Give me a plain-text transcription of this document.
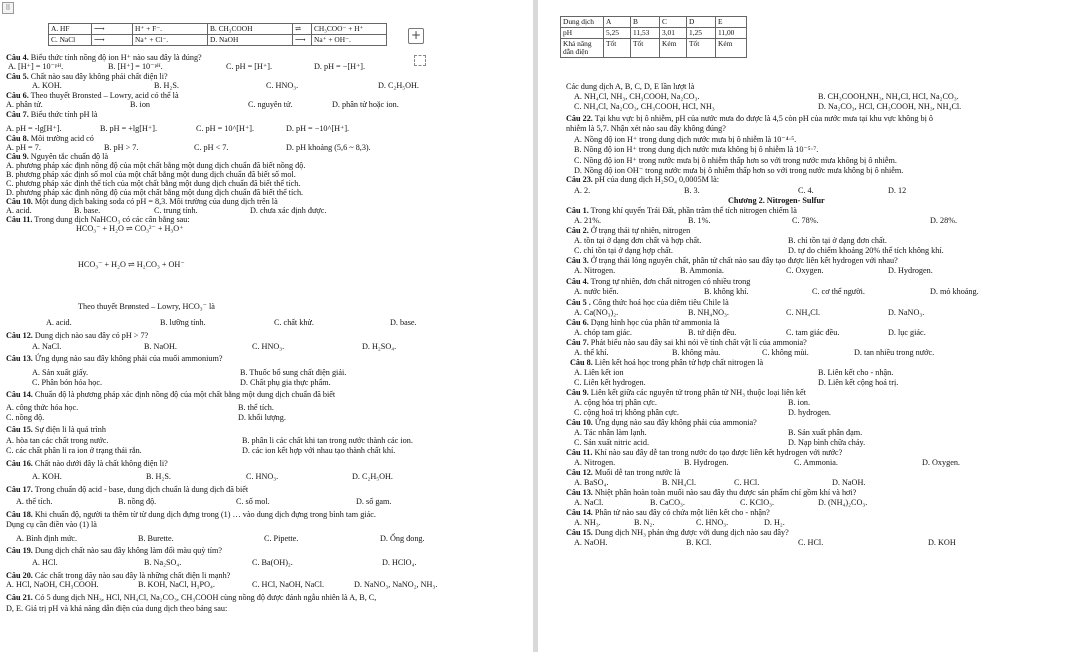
⠿
A. HF	⟶	H⁺ + F⁻.	B. CH₃COOH	⇌	CH₃COO⁻ + H⁺
C. NaCl	⟶	Na⁺ + Cl⁻.	D. NaOH	⟶	Na⁺ + OH⁻.	+
Câu 4. Biểu thức tính nồng độ ion H⁺ nào sau đây là đúng?
A. [H⁺] = 10⁻ᵖᴴ.	B. [H⁺] = 10⁻ᵖᴴ.	C. pH = [H⁺].	D. pH = −[H⁺].
Câu 5. Chất nào sau đây không phải chất điện li?
A. KOH.	B. H₂S.	C. HNO₃.	D. C₂H₅OH.
Câu 6. Theo thuyết Bronsted – Lowry, acid có thể là
A. phân tử.	B. ion	C. nguyên tử.	D. phân tử hoặc ion.
Câu 7. Biểu thức tính pH là
A. pH = -lg[H⁺].	B. pH = +lg[H⁺].	C. pH = 10^[H⁺].	D. pH = −10^[H⁺].
Câu 8. Môi trường acid có
A. pH = 7.	B. pH > 7.	C. pH < 7.	D. pH khoảng (5,6 ~ 8,3).
Câu 9. Nguyên tắc chuẩn độ là
A. phương pháp xác định nồng độ của một chất bằng một dung dịch chuẩn đã biết nồng độ.
B. phương pháp xác định số mol của một chất bằng một dung dịch chuẩn đã biết số mol.
C. phương pháp xác định thể tích của một chất bằng một dung dịch chuẩn đã biết thể tích.
D. phương pháp xác định nồng độ của một chất bằng một dung dịch chuẩn đã biết thể tích.
Câu 10. Một dung dịch baking soda có pH = 8,3. Môi trường của dung dịch trên là
A. acid.	B. base.	C. trung tính.	D. chưa xác định được.
Câu 11. Trong dung dịch NaHCO₃ có các cân bằng sau:
HCO₃⁻ + H₂O ⇌ CO₃²⁻ + H₃O⁺
HCO₃⁻ + H₂O ⇌ H₂CO₃ + OH⁻
Theo thuyết Brønsted – Lowry, HCO₃⁻ là
A. acid.	B. lưỡng tính.	C. chất khử.	D. base.
Câu 12. Dung dịch nào sau đây có pH > 7?
A. NaCl.	B. NaOH.	C. HNO₃.	D. H₂SO₄.
Câu 13. Ứng dụng nào sau đây không phải của muối ammonium?
A. Sản xuất giấy.	B. Thuốc bổ sung chất điện giải.
C. Phân bón hóa học.	D. Chất phụ gia thực phẩm.
Câu 14. Chuẩn độ là phương pháp xác định nồng độ của một chất bằng một dung dịch chuẩn đã biết
A. công thức hóa học.	B. thể tích.
C. nồng độ.	D. khối lượng.
Câu 15. Sự điện li là quá trình
A. hòa tan các chất trong nước.	B. phân li các chất khi tan trong nước thành các ion.
C. các chất phân li ra ion ở trạng thái rắn.	D. các ion kết hợp với nhau tạo thành chất khí.
Câu 16. Chất nào dưới đây là chất không điện li?
A. KOH.	B. H₂S.	C. HNO₃.	D. C₂H₅OH.
Câu 17. Trong chuẩn độ acid - base, dung dịch chuẩn là dung dịch đã biết
A. thể tích.	B. nồng độ.	C. số mol.	D. số gam.
Câu 18. Khi chuẩn độ, người ta thêm từ từ dung dịch đựng trong (1) … vào dung dịch đựng trong bình tam giác.
Dụng cụ cần điền vào (1) là
A. Bình định mức.	B. Burette.	C. Pipette.	D. Ống đong.
Câu 19. Dung dịch chất nào sau đây không làm đổi màu quỳ tím?
A. HCl.	B. Na₂SO₄.	C. Ba(OH)₂.	D. HClO₄.
Câu 20. Các chất trong dãy nào sau đây là những chất điện li mạnh?
A. HCl, NaOH, CH₃COOH.	B. KOH, NaCl, H₃PO₄.	C. HCl, NaOH, NaCl.	D. NaNO₃, NaNO₂, NH₃.
Câu 21. Có 5 dung dịch NH₃, HCl, NH₄Cl, Na₂CO₃, CH₃COOH cùng nồng độ được đánh ngẫu nhiên là A, B, C,
D, E. Giá trị pH và khả năng dẫn điện của dung dịch theo bảng sau:
Dung dịch	A	B	C	D	E
pH	5,25	11,53	3,01	1,25	11,00
Khả năng dẫn điện	Tốt	Tốt	Kém	Tốt	Kém
Các dung dịch A, B, C, D, E lần lượt là
A. NH₄Cl, NH₃, CH₃COOH, Na₂CO₃.	B. CH₃COOH,NH₃, NH₄Cl, HCl, Na₂CO₃.
C. NH₄Cl, Na₂CO₃, CH₃COOH, HCl, NH₃	D. Na₂CO₃, HCl, CH₃COOH, NH₃, NH₄Cl.
Câu 22. Tại khu vực bị ô nhiễm, pH của nước mưa đo được là 4,5 còn pH của nước mưa tại khu vực không bị ô
nhiễm là 5,7. Nhận xét nào sau đây không đúng?
A. Nồng độ ion H⁺ trong dung dịch nước mưa bị ô nhiễm là 10⁻⁴·⁵.
B. Nồng độ ion H⁺ trong dung dịch nước mưa không bị ô nhiễm là 10⁻⁵·⁷.
C. Nồng độ ion H⁺ trong nước mưa bị ô nhiễm thấp hơn so với trong nước mưa không bị ô nhiễm.
D. Nồng độ ion OH⁻ trong nước mưa bị ô nhiễm thấp hơn so với trong nước mưa không bị ô nhiễm.
Câu 23. pH của dung dịch H₂SO₄ 0,0005M là:
A. 2.	B. 3.	C. 4.	D. 12
Chương 2. Nitrogen- Sulfur
Câu 1. Trong khí quyển Trái Đất, phần trăm thể tích nitrogen chiếm là
A. 21%.	B. 1%.	C. 78%.	D. 28%.
Câu 2. Ở trạng thái tự nhiên, nitrogen
A. tồn tại ở dạng đơn chất và hợp chất.	B. chỉ tồn tại ở dạng đơn chất.
C. chỉ tồn tại ở dạng hợp chất.	D. tự do chiếm khoảng 20% thể tích không khí.
Câu 3. Ở trạng thái lỏng nguyên chất, phân tử chất nào sau đây tạo được liên kết hydrogen với nhau?
A. Nitrogen.	B. Ammonia.	C. Oxygen.	D. Hydrogen.
Câu 4. Trong tự nhiên, đơn chất nitrogen có nhiều trong
A. nước biển.	B. không khí.	C. cơ thể người.	D. mỏ khoáng.
Câu 5 . Công thức hoá học của diêm tiêu Chile là
A. Ca(NO₃)₂.	B. NH₄NO₃.	C. NH₄Cl.	D. NaNO₃.
Câu 6. Dạng hình học của phân tử ammonia là
A. chóp tam giác.	B. tứ diện đều.	C. tam giác đều.	D. lục giác.
Câu 7. Phát biểu nào sau đây sai khi nói về tính chất vật lí của ammonia?
A. thể khí.	B. không màu.	C. không mùi.	D. tan nhiều trong nước.
Câu 8. Liên kết hoá học trong phân tử hợp chất nitrogen là
A. Liên kết ion	B. Liên kết cho - nhận.
C. Liên kết hydrogen.	D. Liên kết cộng hoá trị.
Câu 9. Liên kết giữa các nguyên tử trong phân tử NH₃ thuộc loại liên kết
A. cộng hóa trị phân cực.	B. ion.
C. cộng hoá trị không phân cực.	D. hydrogen.
Câu 10. Ứng dụng nào sau đây không phải của ammonia?
A. Tác nhân làm lạnh.	B. Sản xuất phân đạm.
C. Sản xuất nitric acid.	D. Nạp bình chữa cháy.
Câu 11. Khí nào sau đây dễ tan trong nước do tạo được liên kết hydrogen với nước?
A. Nitrogen.	B. Hydrogen.	C. Ammonia.	D. Oxygen.
Câu 12. Muối dễ tan trong nước là
A. BaSO₄.	B. NH₄Cl.	C. HCl.	D. NaOH.
Câu 13. Nhiệt phân hoàn toàn muối nào sau đây thu được sản phẩm chỉ gồm khí và hơi?
A. NaCl.	B. CaCO₃.	C. KClO₃.	D. (NH₄)₂CO₃.
Câu 14. Phân tử nào sau đây có chứa một liên kết cho - nhận?
A. NH₃.	B. N₂.	C. HNO₃.	D. H₂.
Câu 15. Dung dịch NH₃ phản ứng được với dung dịch nào sau đây?
A. NaOH.	B. KCl.	C. HCl.	D. KOH
